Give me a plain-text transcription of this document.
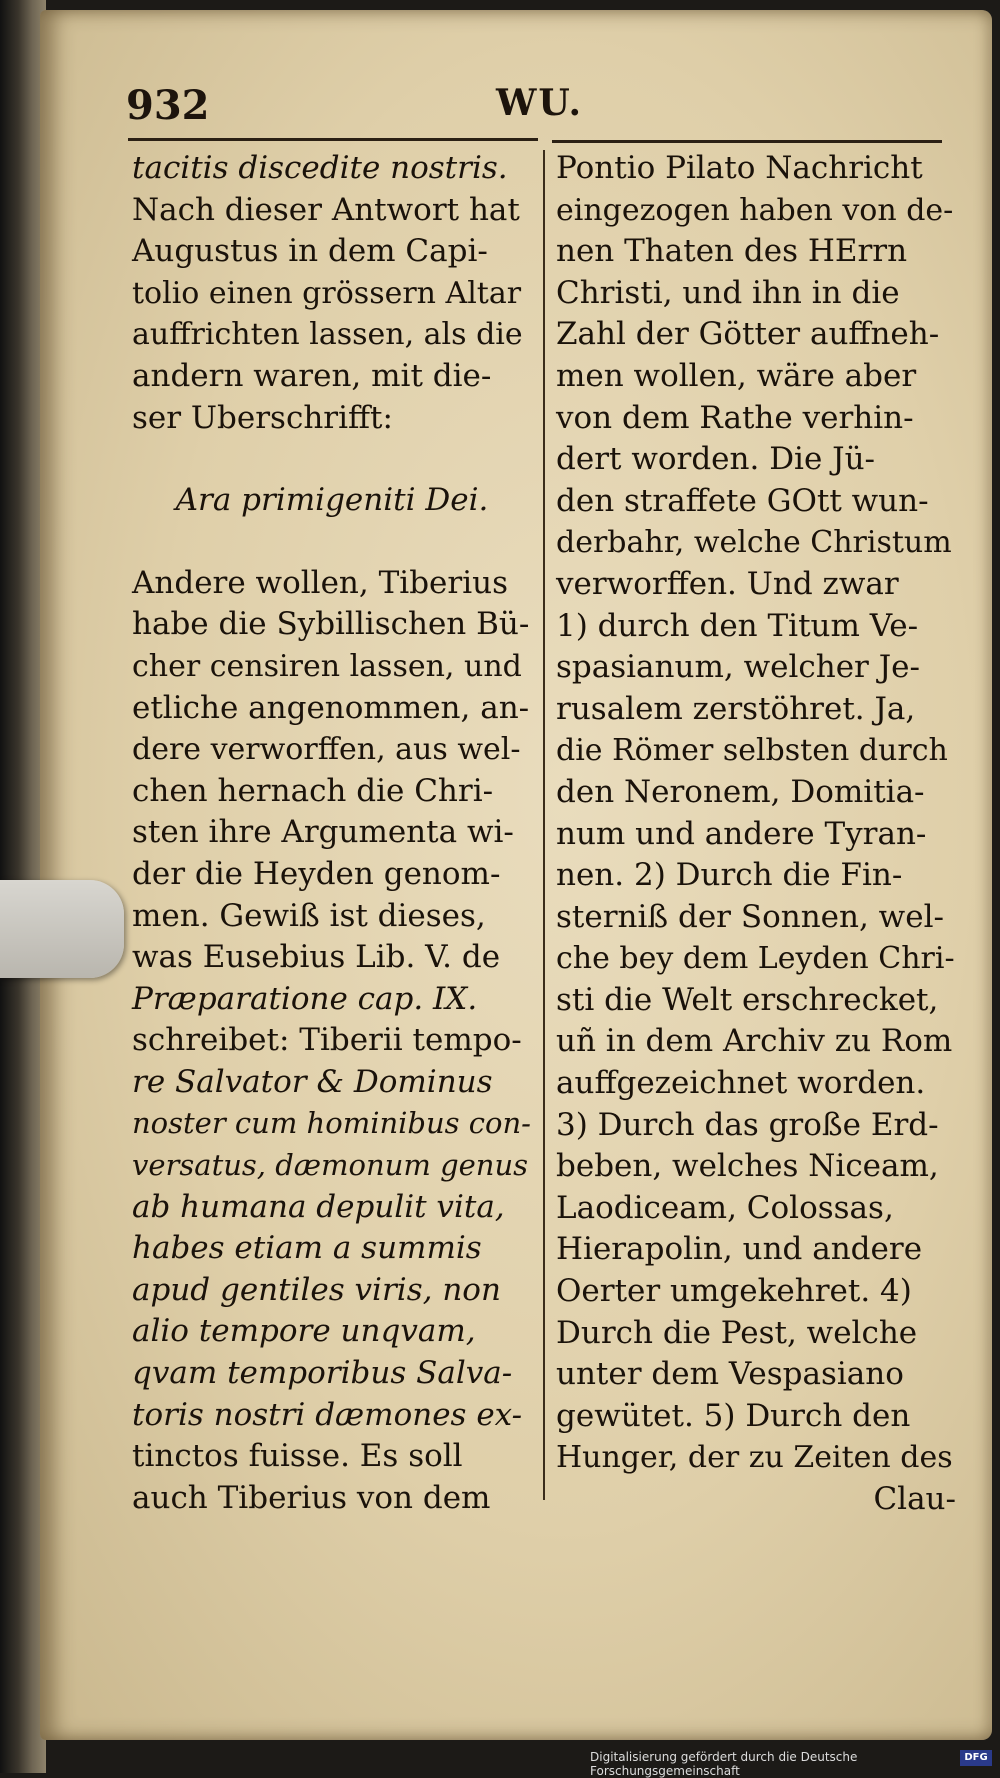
932	WU.
tacitis discedite nostris.
Nach dieser Antwort hat
Augustus in dem Capi-
tolio einen grössern Altar
auffrichten lassen, als die
andern waren, mit die-
ser Uberschrifft:
Ara primigeniti Dei.
Andere wollen, Tiberius
habe die Sybillischen Bü-
cher censiren lassen, und
etliche angenommen, an-
dere verworffen, aus wel-
chen hernach die Chri-
sten ihre Argumenta wi-
der die Heyden genom-
men. Gewiß ist dieses,
was Eusebius Lib. V. de
Præparatione cap. IX.
schreibet: Tiberii tempo-
re Salvator & Dominus
noster cum hominibus con-
versatus, dæmonum genus
ab humana depulit vita,
habes etiam a summis
apud gentiles viris, non
alio tempore unqvam,
qvam temporibus Salva-
toris nostri dæmones ex-
tinctos fuisse. Es soll
auch Tiberius von dem
Pontio Pilato Nachricht
eingezogen haben von de-
nen Thaten des HErrn
Christi, und ihn in die
Zahl der Götter auffneh-
men wollen, wäre aber
von dem Rathe verhin-
dert worden. Die Jü-
den straffete GOtt wun-
derbahr, welche Christum
verworffen. Und zwar
1) durch den Titum Ve-
spasianum, welcher Je-
rusalem zerstöhret. Ja,
die Römer selbsten durch
den Neronem, Domitia-
num und andere Tyran-
nen. 2) Durch die Fin-
sterniß der Sonnen, wel-
che bey dem Leyden Chri-
sti die Welt erschrecket,
uñ in dem Archiv zu Rom
auffgezeichnet worden.
3) Durch das große Erd-
beben, welches Niceam,
Laodiceam, Colossas,
Hierapolin, und andere
Oerter umgekehret. 4)
Durch die Pest, welche
unter dem Vespasiano
gewütet. 5) Durch den
Hunger, der zu Zeiten des
Clau-
Digitalisierung gefördert durch die Deutsche Forschungsgemeinschaft
DFG
